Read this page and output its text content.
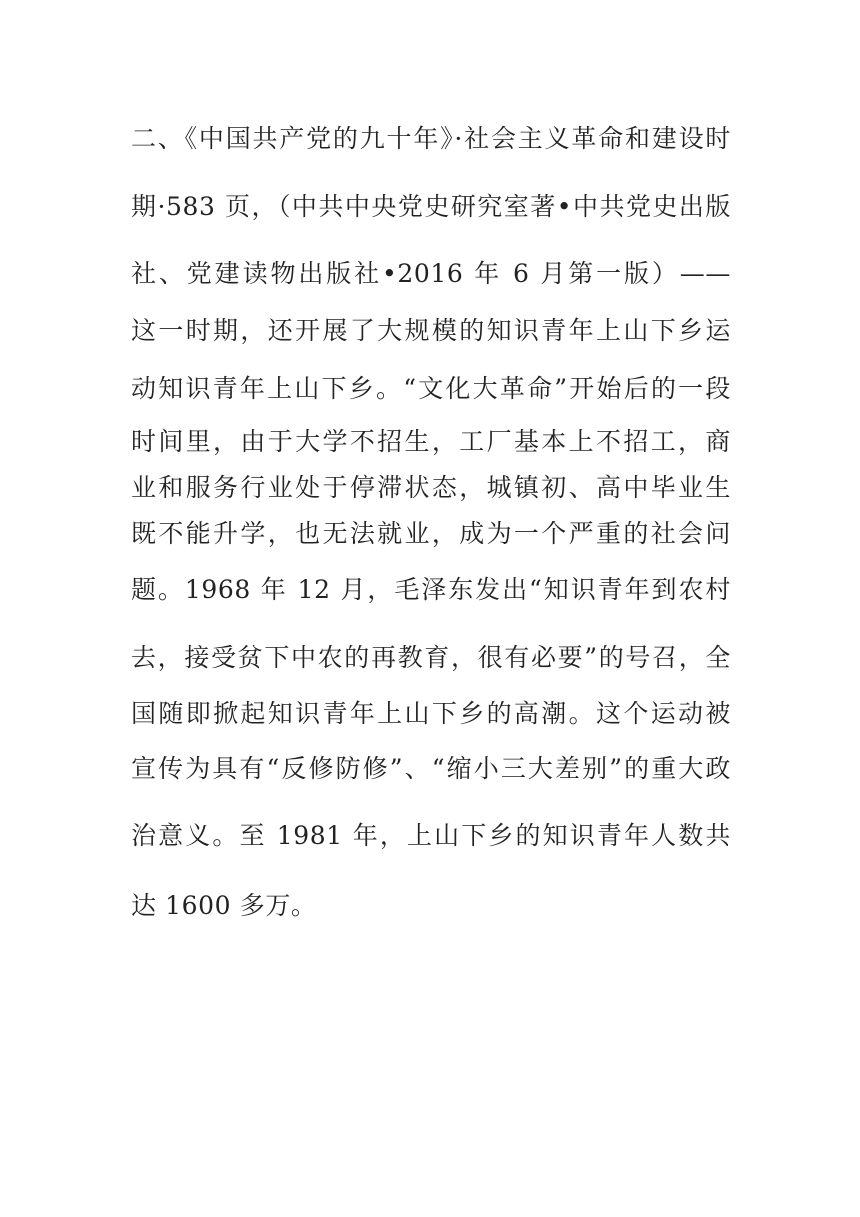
二、《中国共产党的九十年》·社会主义革命和建设时
期·583 页，（中共中央党史研究室著•中共党史出版
社、党建读物出版社•2016 年 6 月第一版）——
这一时期，还开展了大规模的知识青年上山下乡运
动知识青年上山下乡。“文化大革命”开始后的一段
时间里，由于大学不招生，工厂基本上不招工，商
业和服务行业处于停滞状态，城镇初、高中毕业生
既不能升学，也无法就业，成为一个严重的社会问
题。1968 年 12 月，毛泽东发出“知识青年到农村
去，接受贫下中农的再教育，很有必要”的号召，全
国随即掀起知识青年上山下乡的高潮。这个运动被
宣传为具有“反修防修”、“缩小三大差别”的重大政
治意义。至 1981 年，上山下乡的知识青年人数共
达 1600 多万。
